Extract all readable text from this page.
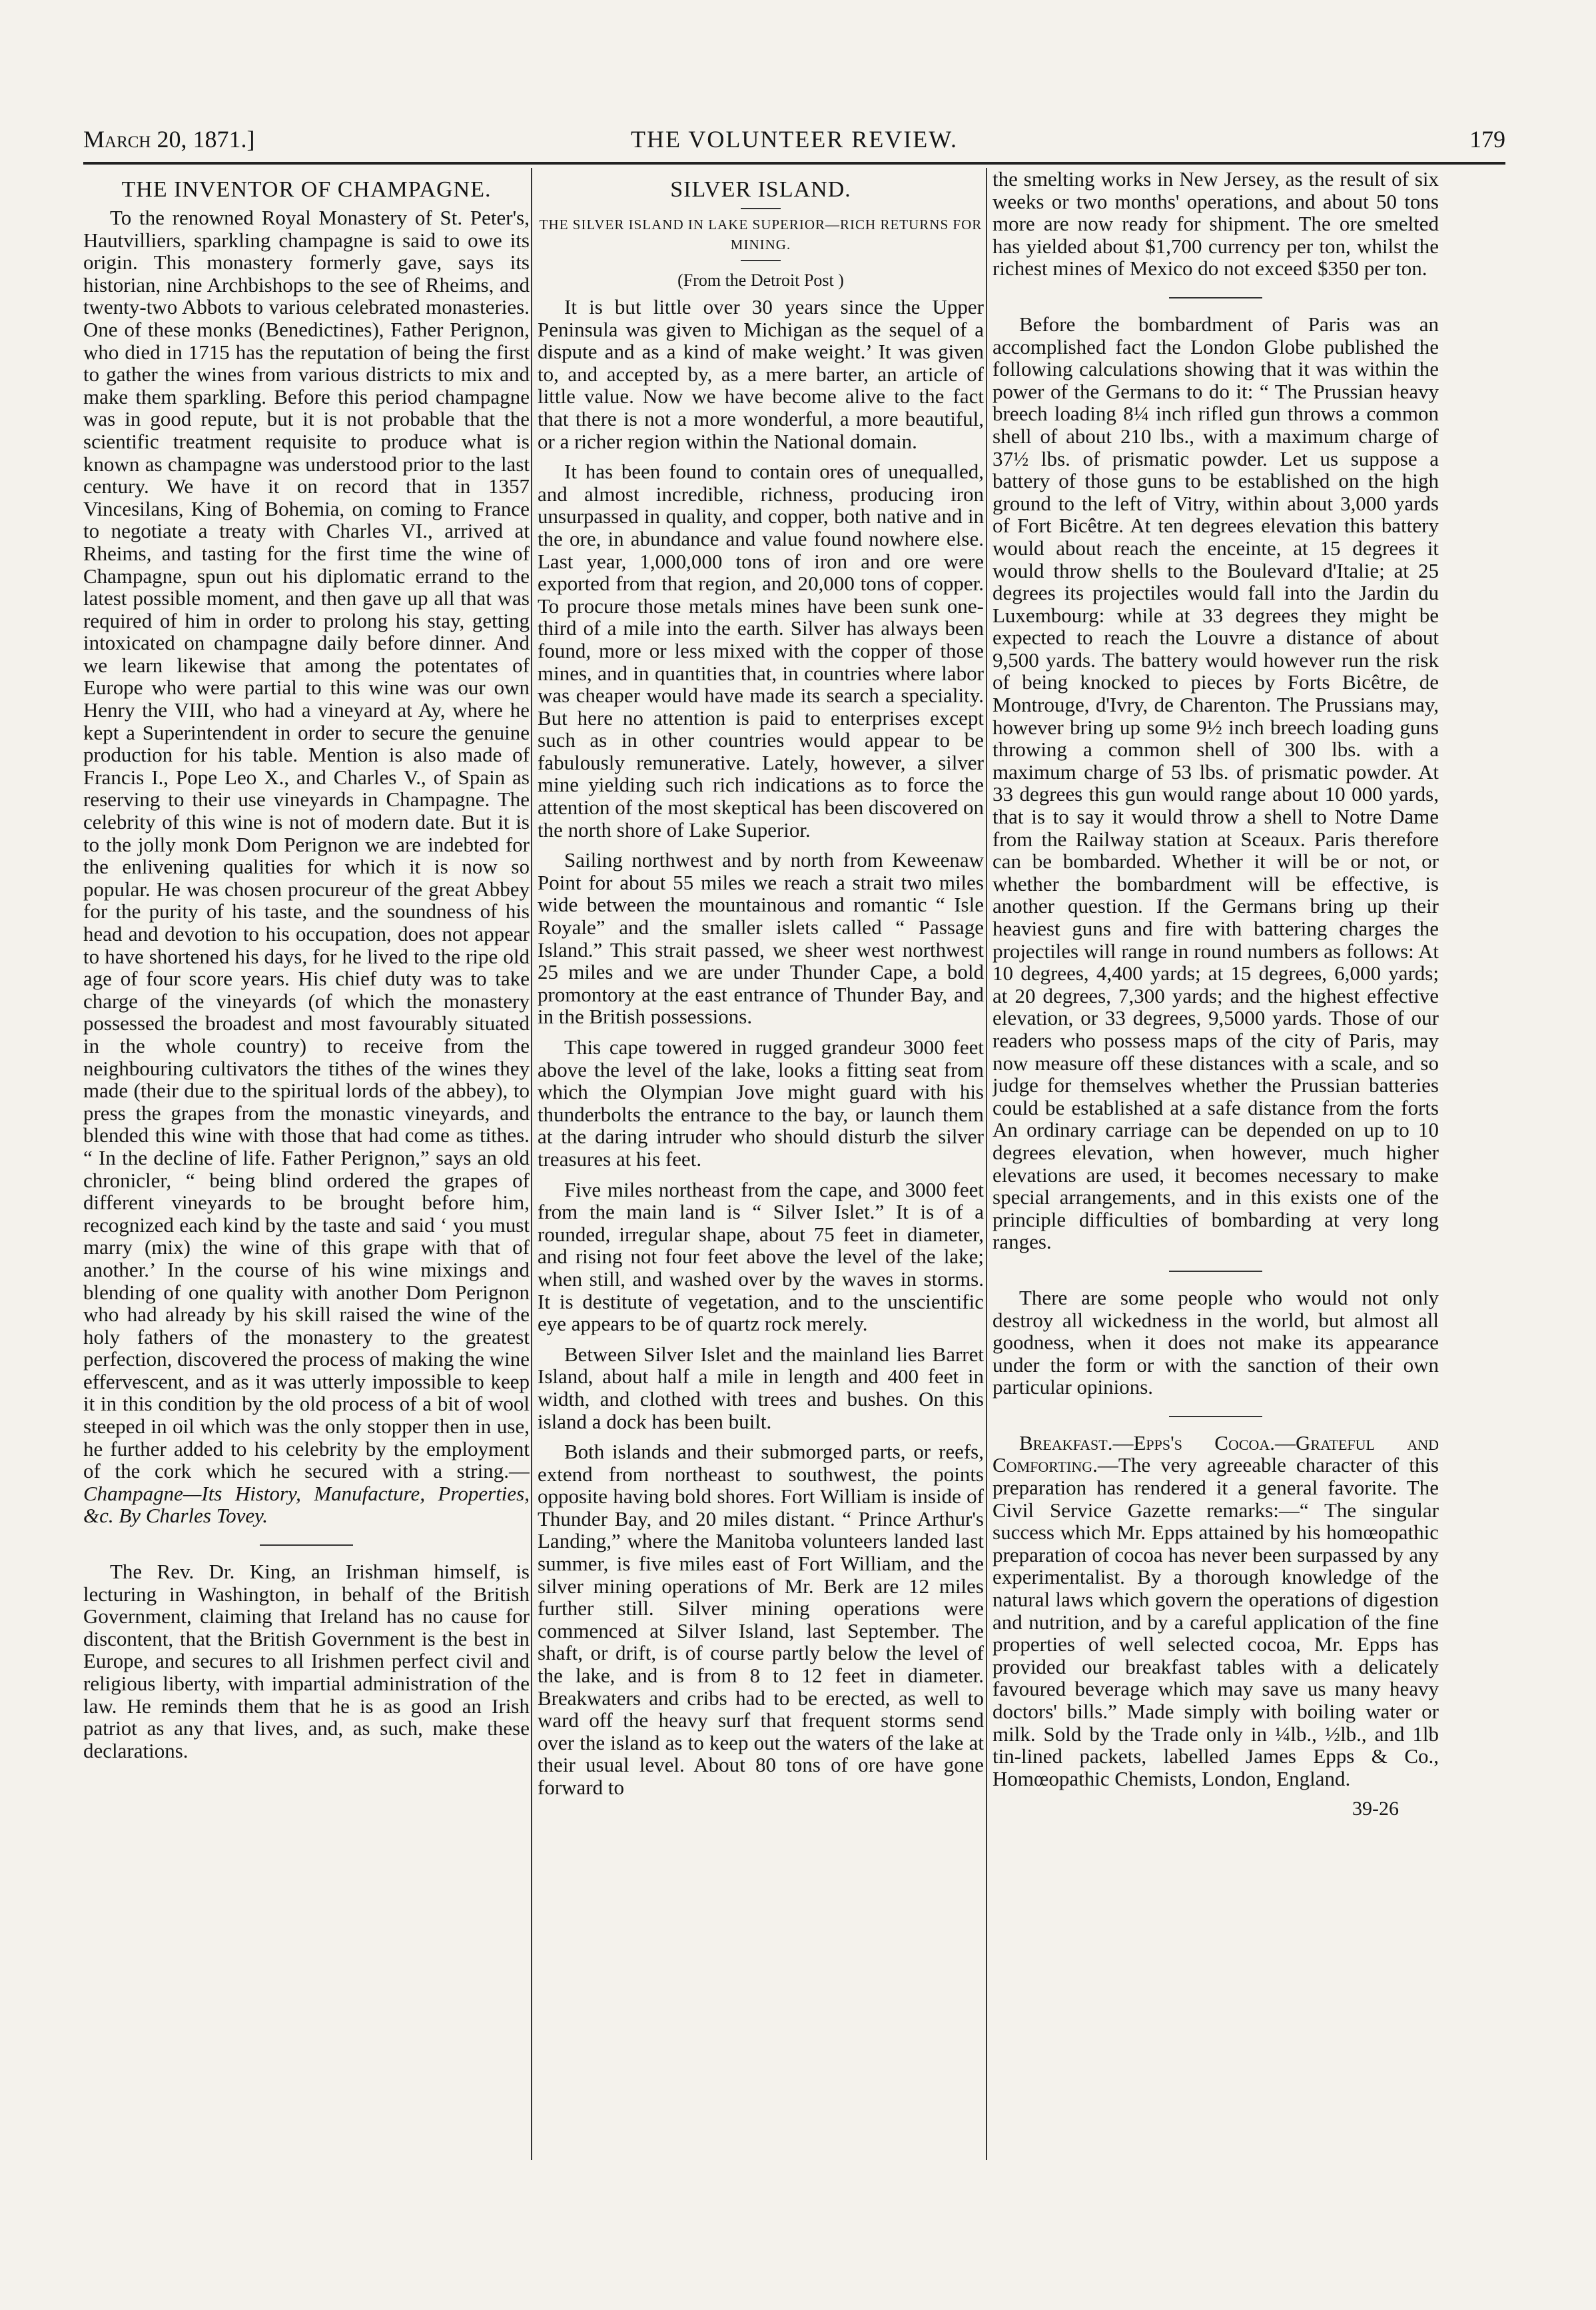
March 20, 1871.]	THE VOLUNTEER REVIEW.	179
THE INVENTOR OF CHAMPAGNE.

To the renowned Royal Monastery of St. Peter's, Hautvilliers, sparkling champagne is said to owe its origin. This monastery formerly gave, says its historian, nine Archbishops to the see of Rheims, and twenty-two Abbots to various celebrated monasteries. One of these monks (Benedictines), Father Perignon, who died in 1715 has the reputation of being the first to gather the wines from various districts to mix and make them sparkling. Before this period champagne was in good repute, but it is not probable that the scientific treatment requisite to produce what is known as champagne was understood prior to the last century. We have it on record that in 1357 Vincesilans, King of Bohemia, on coming to France to negotiate a treaty with Charles VI., arrived at Rheims, and tasting for the first time the wine of Champagne, spun out his diplomatic errand to the latest possible moment, and then gave up all that was required of him in order to prolong his stay, getting intoxicated on champagne daily before dinner. And we learn likewise that among the potentates of Europe who were partial to this wine was our own Henry the VIII, who had a vineyard at Ay, where he kept a Superintendent in order to secure the genuine production for his table. Mention is also made of Francis I., Pope Leo X., and Charles V., of Spain as reserving to their use vineyards in Champagne. The celebrity of this wine is not of modern date. But it is to the jolly monk Dom Perignon we are indebted for the enlivening qualities for which it is now so popular. He was chosen procureur of the great Abbey for the purity of his taste, and the soundness of his head and devotion to his occupation, does not appear to have shortened his days, for he lived to the ripe old age of four score years. His chief duty was to take charge of the vineyards (of which the monastery possessed the broadest and most favourably situated in the whole country) to receive from the neighbouring cultivators the tithes of the wines they made (their due to the spiritual lords of the abbey), to press the grapes from the monastic vineyards, and blended this wine with those that had come as tithes. “ In the decline of life. Father Perignon,” says an old chronicler, “ being blind ordered the grapes of different vineyards to be brought before him, recognized each kind by the taste and said ‘ you must marry (mix) the wine of this grape with that of another.’ In the course of his wine mixings and blending of one quality with another Dom Perignon who had already by his skill raised the wine of the holy fathers of the monastery to the greatest perfection, discovered the process of making the wine effervescent, and as it was utterly impossible to keep it in this condition by the old process of a bit of wool steeped in oil which was the only stopper then in use, he further added to his celebrity by the employment of the cork which he secured with a string.—Champagne—Its History, Manufacture, Properties, &c. By Charles Tovey.

The Rev. Dr. King, an Irishman himself, is lecturing in Washington, in behalf of the British Government, claiming that Ireland has no cause for discontent, that the British Government is the best in Europe, and secures to all Irishmen perfect civil and religious liberty, with impartial administration of the law. He reminds them that he is as good an Irish patriot as any that lives, and, as such, make these declarations.

SILVER ISLAND.
THE SILVER ISLAND IN LAKE SUPERIOR—RICH RETURNS FOR MINING.
(From the Detroit Post )

It is but little over 30 years since the Upper Peninsula was given to Michigan as the sequel of a dispute and as a kind of make weight.’ It was given to, and accepted by, as a mere barter, an article of little value. Now we have become alive to the fact that there is not a more wonderful, a more beautiful, or a richer region within the National domain.

It has been found to contain ores of unequalled, and almost incredible, richness, producing iron unsurpassed in quality, and copper, both native and in the ore, in abundance and value found nowhere else. Last year, 1,000,000 tons of iron and ore were exported from that region, and 20,000 tons of copper. To procure those metals mines have been sunk one-third of a mile into the earth. Silver has always been found, more or less mixed with the copper of those mines, and in quantities that, in countries where labor was cheaper would have made its search a speciality. But here no attention is paid to enterprises except such as in other countries would appear to be fabulously remunerative. Lately, however, a silver mine yielding such rich indications as to force the attention of the most skeptical has been discovered on the north shore of Lake Superior.

Sailing northwest and by north from Keweenaw Point for about 55 miles we reach a strait two miles wide between the mountainous and romantic “ Isle Royale” and the smaller islets called “ Passage Island.” This strait passed, we sheer west northwest 25 miles and we are under Thunder Cape, a bold promontory at the east entrance of Thunder Bay, and in the British possessions.

This cape towered in rugged grandeur 3000 feet above the level of the lake, looks a fitting seat from which the Olympian Jove might guard with his thunderbolts the entrance to the bay, or launch them at the daring intruder who should disturb the silver treasures at his feet.

Five miles northeast from the cape, and 3000 feet from the main land is “ Silver Islet.” It is of a rounded, irregular shape, about 75 feet in diameter, and rising not four feet above the level of the lake; when still, and washed over by the waves in storms. It is destitute of vegetation, and to the unscientific eye appears to be of quartz rock merely.

Between Silver Islet and the mainland lies Barret Island, about half a mile in length and 400 feet in width, and clothed with trees and bushes. On this island a dock has been built.

Both islands and their submorged parts, or reefs, extend from northeast to southwest, the points opposite having bold shores. Fort William is inside of Thunder Bay, and 20 miles distant. “ Prince Arthur's Landing,” where the Manitoba volunteers landed last summer, is five miles east of Fort William, and the silver mining operations of Mr. Berk are 12 miles further still. Silver mining operations were commenced at Silver Island, last September. The shaft, or drift, is of course partly below the level of the lake, and is from 8 to 12 feet in diameter. Breakwaters and cribs had to be erected, as well to ward off the heavy surf that frequent storms send over the island as to keep out the waters of the lake at their usual level. About 80 tons of ore have gone forward to

the smelting works in New Jersey, as the result of six weeks or two months' operations, and about 50 tons more are now ready for shipment. The ore smelted has yielded about $1,700 currency per ton, whilst the richest mines of Mexico do not exceed $350 per ton.

Before the bombardment of Paris was an accomplished fact the London Globe published the following calculations showing that it was within the power of the Germans to do it: “ The Prussian heavy breech loading 8¼ inch rifled gun throws a common shell of about 210 lbs., with a maximum charge of 37½ lbs. of prismatic powder. Let us suppose a battery of those guns to be established on the high ground to the left of Vitry, within about 3,000 yards of Fort Bicêtre. At ten degrees elevation this battery would about reach the enceinte, at 15 degrees it would throw shells to the Boulevard d'Italie; at 25 degrees its projectiles would fall into the Jardin du Luxembourg: while at 33 degrees they might be expected to reach the Louvre a distance of about 9,500 yards. The battery would however run the risk of being knocked to pieces by Forts Bicêtre, de Montrouge, d'Ivry, de Charenton. The Prussians may, however bring up some 9½ inch breech loading guns throwing a common shell of 300 lbs. with a maximum charge of 53 lbs. of prismatic powder. At 33 degrees this gun would range about 10 000 yards, that is to say it would throw a shell to Notre Dame from the Railway station at Sceaux. Paris therefore can be bombarded. Whether it will be or not, or whether the bombardment will be effective, is another question. If the Germans bring up their heaviest guns and fire with battering charges the projectiles will range in round numbers as follows: At 10 degrees, 4,400 yards; at 15 degrees, 6,000 yards; at 20 degrees, 7,300 yards; and the highest effective elevation, or 33 degrees, 9,5000 yards. Those of our readers who possess maps of the city of Paris, may now measure off these distances with a scale, and so judge for themselves whether the Prussian batteries could be established at a safe distance from the forts An ordinary carriage can be depended on up to 10 degrees elevation, when however, much higher elevations are used, it becomes necessary to make special arrangements, and in this exists one of the principle difficulties of bombarding at very long ranges.

There are some people who would not only destroy all wickedness in the world, but almost all goodness, when it does not make its appearance under the form or with the sanction of their own particular opinions.

Breakfast.—Epps's Cocoa.—Grateful and Comforting.—The very agreeable character of this preparation has rendered it a general favorite. The Civil Service Gazette remarks:—“ The singular success which Mr. Epps attained by his homœopathic preparation of cocoa has never been surpassed by any experimentalist. By a thorough knowledge of the natural laws which govern the operations of digestion and nutrition, and by a careful application of the fine properties of well selected cocoa, Mr. Epps has provided our breakfast tables with a delicately favoured beverage which may save us many heavy doctors' bills.” Made simply with boiling water or milk. Sold by the Trade only in ¼lb., ½lb., and 1lb tin-lined packets, labelled James Epps & Co., Homœopathic Chemists, London, England.

39-26
